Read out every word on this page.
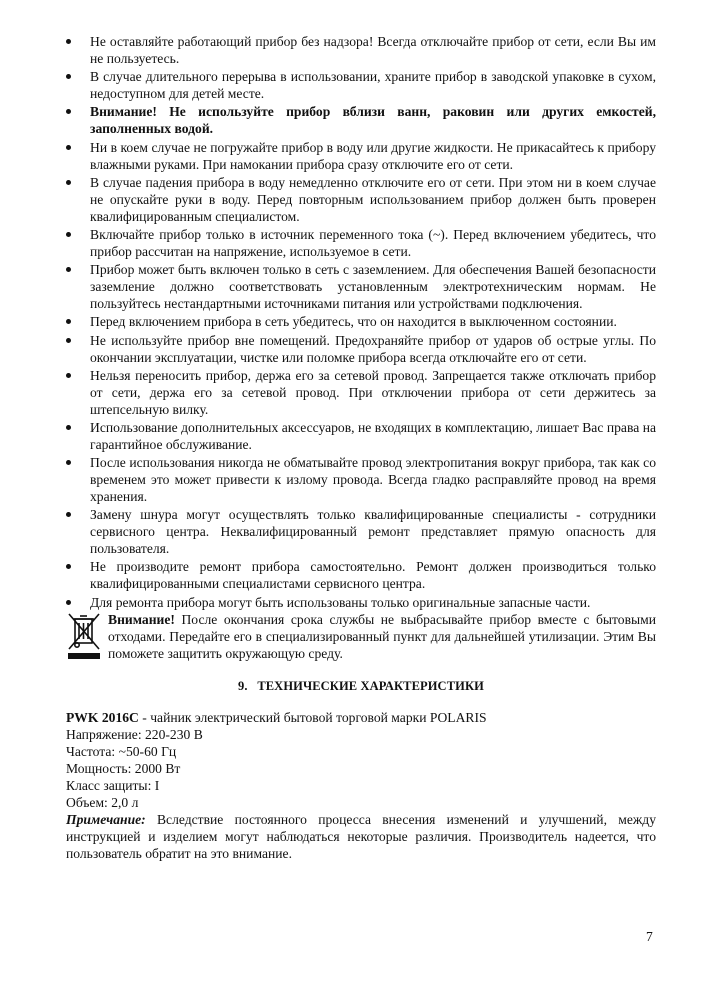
Не оставляйте работающий прибор без надзора! Всегда отключайте прибор от сети, если Вы им не пользуетесь.
В случае длительного перерыва в использовании, храните прибор в заводской упаковке в сухом, недоступном для детей месте.
Внимание! Не используйте прибор вблизи ванн, раковин или других емкостей, заполненных водой.
Ни в коем случае не погружайте прибор в воду или другие жидкости. Не прикасайтесь к прибору влажными руками. При намокании прибора сразу отключите его от сети.
В случае падения прибора в воду немедленно отключите его от сети. При этом ни в коем случае не опускайте руки в воду. Перед повторным использованием прибор должен быть проверен квалифицированным специалистом.
Включайте прибор только в источник переменного тока (~). Перед включением убедитесь, что прибор рассчитан на напряжение, используемое в сети.
Прибор может быть включен только в сеть с заземлением. Для обеспечения Вашей безопасности заземление должно соответствовать установленным электротехническим нормам. Не пользуйтесь нестандартными источниками питания или устройствами подключения.
Перед включением прибора в сеть убедитесь, что он находится в выключенном состоянии.
Не используйте прибор вне помещений. Предохраняйте прибор от ударов об острые углы. По окончании эксплуатации, чистке или поломке прибора всегда отключайте его от сети.
Нельзя переносить прибор, держа его за сетевой провод. Запрещается также отключать прибор от сети, держа его за сетевой провод. При отключении прибора от сети держитесь за штепсельную вилку.
Использование дополнительных аксессуаров, не входящих в комплектацию, лишает Вас права на гарантийное обслуживание.
После использования никогда не обматывайте провод электропитания вокруг прибора, так как со временем это может привести к излому провода. Всегда гладко расправляйте провод на время хранения.
Замену шнура могут осуществлять только квалифицированные специалисты - сотрудники сервисного центра. Неквалифицированный ремонт представляет прямую опасность для пользователя.
Не производите ремонт прибора самостоятельно. Ремонт должен производиться только квалифицированными специалистами сервисного центра.
Для ремонта прибора могут быть использованы только оригинальные запасные части.
Внимание! После окончания срока службы не выбрасывайте прибор вместе с бытовыми отходами. Передайте его в специализированный пункт для дальнейшей утилизации. Этим Вы поможете защитить окружающую среду.
9. ТЕХНИЧЕСКИЕ ХАРАКТЕРИСТИКИ
PWK 2016C - чайник электрический бытовой торговой марки POLARIS
Напряжение: 220-230 В
Частота: ~50-60 Гц
Мощность: 2000 Вт
Класс защиты: I
Объем: 2,0 л
Примечание: Вследствие постоянного процесса внесения изменений и улучшений, между инструкцией и изделием могут наблюдаться некоторые различия. Производитель надеется, что пользователь обратит на это внимание.
7
